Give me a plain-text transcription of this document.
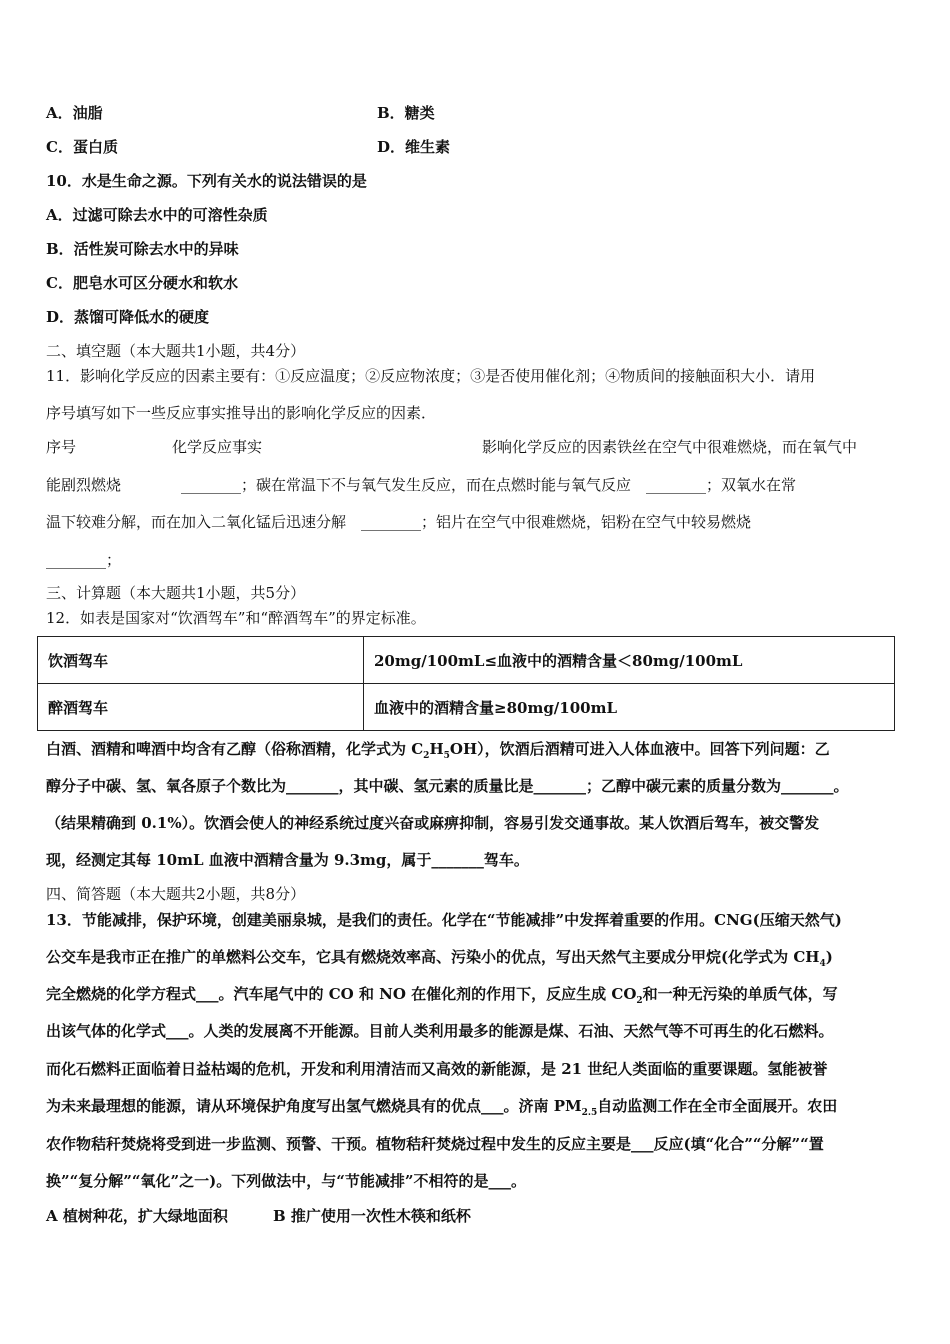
A．油脂	B．糖类
C．蛋白质	D．维生素
10．水是生命之源。下列有关水的说法错误的是
A．过滤可除去水中的可溶性杂质
B．活性炭可除去水中的异味
C．肥皂水可区分硬水和软水
D．蒸馏可降低水的硬度
二、填空题（本大题共1小题，共4分）
11．影响化学反应的因素主要有：①反应温度；②反应物浓度；③是否使用催化剂；④物质间的接触面积大小．请用
序号填写如下一些反应事实推导出的影响化学反应的因素．
序号	化学反应事实	影响化学反应的因素铁丝在空气中很难燃烧，而在氧气中
能剧烈燃烧　　　　________；碳在常温下不与氧气发生反应，而在点燃时能与氧气反应　________；双氧水在常
温下较难分解，而在加入二氧化锰后迅速分解　________；铝片在空气中很难燃烧，铝粉在空气中较易燃烧
________；
三、计算题（本大题共1小题，共5分）
12．如表是国家对“饮酒驾车”和“醉酒驾车”的界定标准。
饮酒驾车	20mg/100mL≤血液中的酒精含量＜80mg/100mL
醉酒驾车	血液中的酒精含量≥80mg/100mL
白酒、酒精和啤酒中均含有乙醇（俗称酒精，化学式为 $C_2H_5OH$），饮酒后酒精可进入人体血液中。回答下列问题：乙
醇分子中碳、氢、氧各原子个数比为_______，其中碳、氢元素的质量比是_______；乙醇中碳元素的质量分数为_______。
（结果精确到 0.1%）。饮酒会使人的神经系统过度兴奋或麻痹抑制，容易引发交通事故。某人饮酒后驾车，被交警发
现，经测定其每 10mL 血液中酒精含量为 9.3mg，属于_______驾车。
四、简答题（本大题共2小题，共8分）
13．节能减排，保护环境，创建美丽泉城，是我们的责任。化学在“节能减排”中发挥着重要的作用。CNG(压缩天然气)
公交车是我市正在推广的单燃料公交车，它具有燃烧效率高、污染小的优点，写出天然气主要成分甲烷(化学式为 $CH_4$)
完全燃烧的化学方程式___。汽车尾气中的 CO 和 NO 在催化剂的作用下，反应生成 $CO_2$和一种无污染的单质气体，写
出该气体的化学式___。人类的发展离不开能源。目前人类利用最多的能源是煤、石油、天然气等不可再生的化石燃料。
而化石燃料正面临着日益枯竭的危机，开发和利用清洁而又高效的新能源，是 21 世纪人类面临的重要课题。氢能被誉
为未来最理想的能源，请从环境保护角度写出氢气燃烧具有的优点___。济南 $PM_{2.5}$自动监测工作在全市全面展开。农田
农作物秸秆焚烧将受到进一步监测、预警、干预。植物秸秆焚烧过程中发生的反应主要是___反应(填“化合”“分解”“置
换”“复分解”“氧化”之一)。下列做法中，与“节能减排”不相符的是___。
A 植树种花，扩大绿地面积	B 推广使用一次性木筷和纸杯
